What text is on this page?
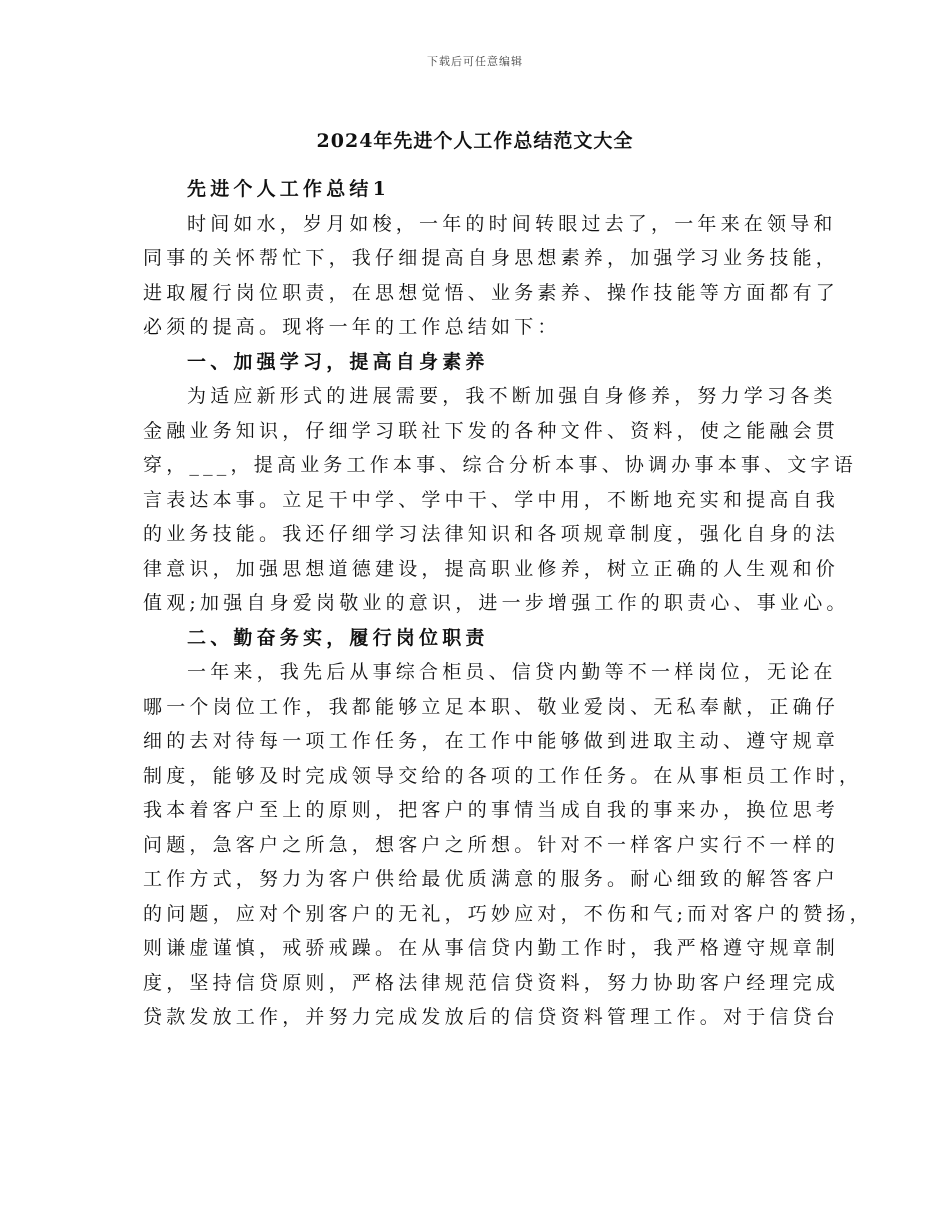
下载后可任意编辑
2024年先进个人工作总结范文大全
先进个人工作总结1
时间如水，岁月如梭，一年的时间转眼过去了，一年来在领导和
同事的关怀帮忙下，我仔细提高自身思想素养，加强学习业务技能，
进取履行岗位职责，在思想觉悟、业务素养、操作技能等方面都有了
必须的提高。现将一年的工作总结如下：
一、加强学习，提高自身素养
为适应新形式的进展需要，我不断加强自身修养，努力学习各类
金融业务知识，仔细学习联社下发的各种文件、资料，使之能融会贯
穿，___，提高业务工作本事、综合分析本事、协调办事本事、文字语
言表达本事。立足干中学、学中干、学中用，不断地充实和提高自我
的业务技能。我还仔细学习法律知识和各项规章制度，强化自身的法
律意识，加强思想道德建设，提高职业修养，树立正确的人生观和价
值观;加强自身爱岗敬业的意识，进一步增强工作的职责心、事业心。
二、勤奋务实，履行岗位职责
一年来，我先后从事综合柜员、信贷内勤等不一样岗位，无论在
哪一个岗位工作，我都能够立足本职、敬业爱岗、无私奉献，正确仔
细的去对待每一项工作任务，在工作中能够做到进取主动、遵守规章
制度，能够及时完成领导交给的各项的工作任务。在从事柜员工作时，
我本着客户至上的原则，把客户的事情当成自我的事来办，换位思考
问题，急客户之所急，想客户之所想。针对不一样客户实行不一样的
工作方式，努力为客户供给最优质满意的服务。耐心细致的解答客户
的问题，应对个别客户的无礼，巧妙应对，不伤和气;而对客户的赞扬，
则谦虚谨慎，戒骄戒躁。在从事信贷内勤工作时，我严格遵守规章制
度，坚持信贷原则，严格法律规范信贷资料，努力协助客户经理完成
贷款发放工作，并努力完成发放后的信贷资料管理工作。对于信贷台
